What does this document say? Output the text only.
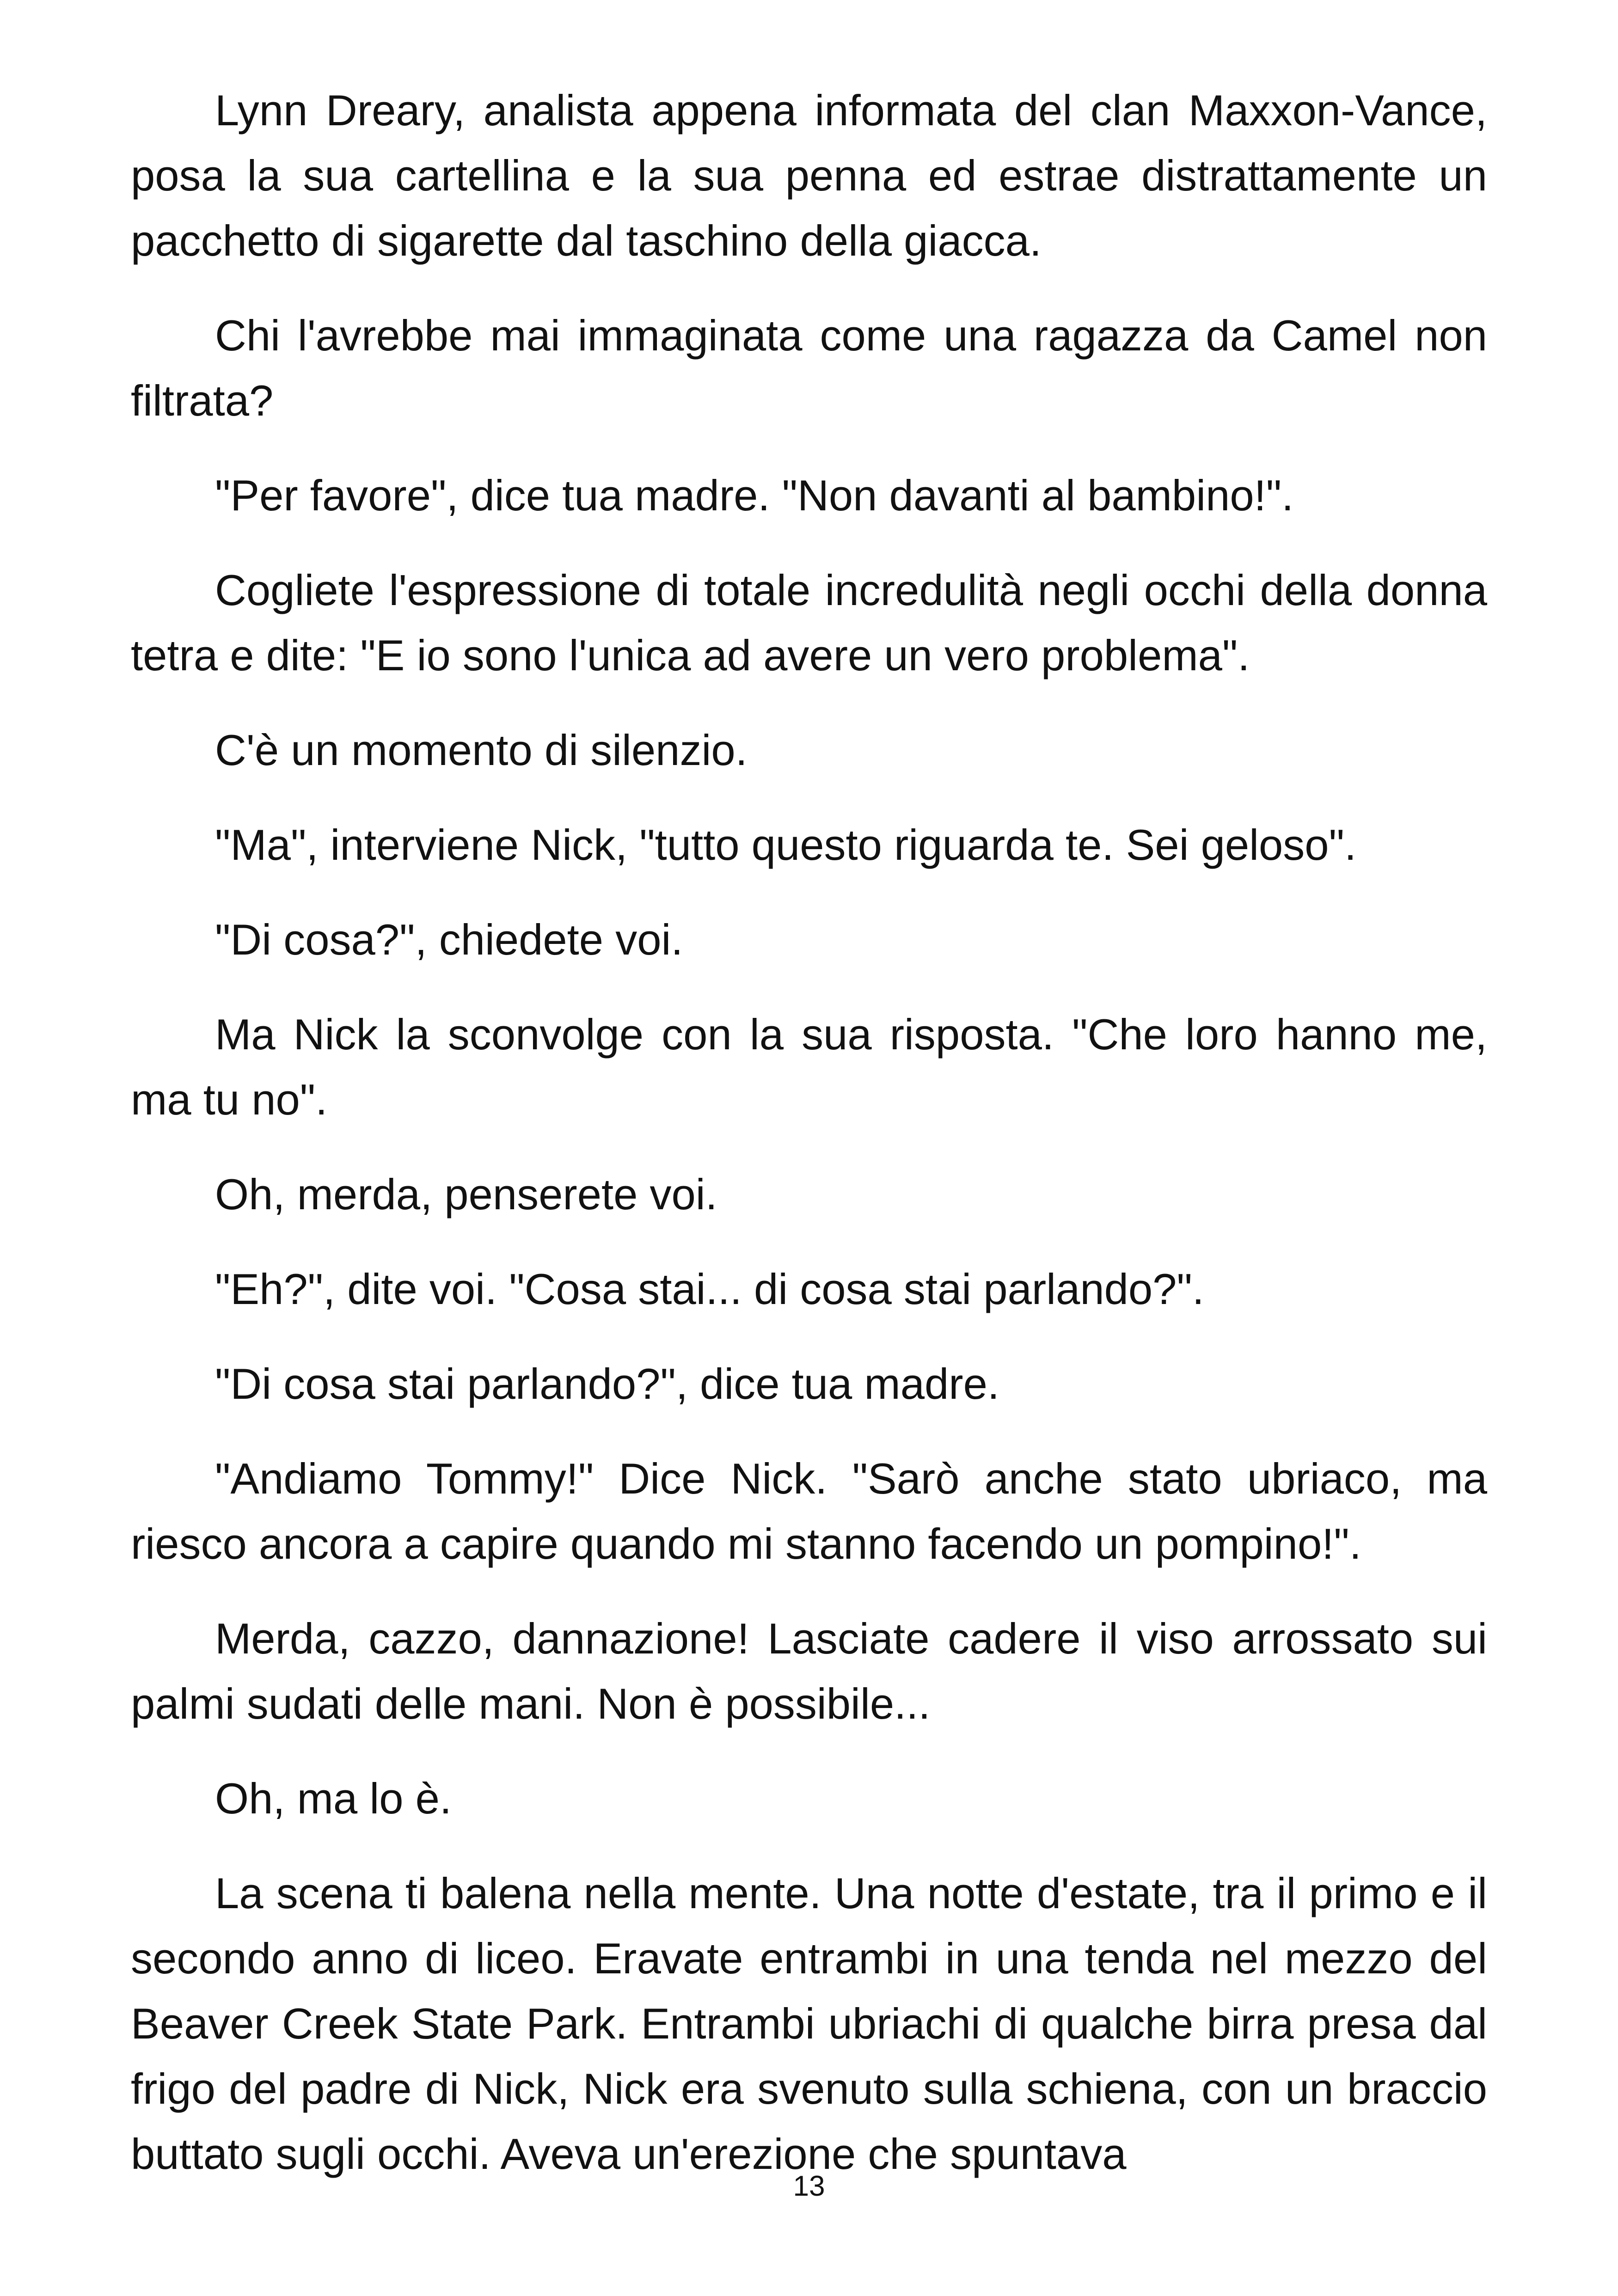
Lynn Dreary, analista appena informata del clan Maxxon-Vance, posa la sua cartellina e la sua penna ed estrae distrattamente un pacchetto di sigarette dal taschino della giacca.

Chi l'avrebbe mai immaginata come una ragazza da Camel non filtrata?

"Per favore", dice tua madre. "Non davanti al bambino!".

Cogliete l'espressione di totale incredulità negli occhi della donna tetra e dite: "E io sono l'unica ad avere un vero problema".

C'è un momento di silenzio.

"Ma", interviene Nick, "tutto questo riguarda te. Sei geloso".

"Di cosa?", chiedete voi.

Ma Nick la sconvolge con la sua risposta. "Che loro hanno me, ma tu no".

Oh, merda, penserete voi.

"Eh?", dite voi. "Cosa stai... di cosa stai parlando?".

"Di cosa stai parlando?", dice tua madre.

"Andiamo Tommy!" Dice Nick. "Sarò anche stato ubriaco, ma riesco ancora a capire quando mi stanno facendo un pompino!".

Merda, cazzo, dannazione! Lasciate cadere il viso arrossato sui palmi sudati delle mani. Non è possibile...

Oh, ma lo è.

La scena ti balena nella mente. Una notte d'estate, tra il primo e il secondo anno di liceo. Eravate entrambi in una tenda nel mezzo del Beaver Creek State Park. Entrambi ubriachi di qualche birra presa dal frigo del padre di Nick, Nick era svenuto sulla schiena, con un braccio buttato sugli occhi. Aveva un'erezione che spuntava

13
